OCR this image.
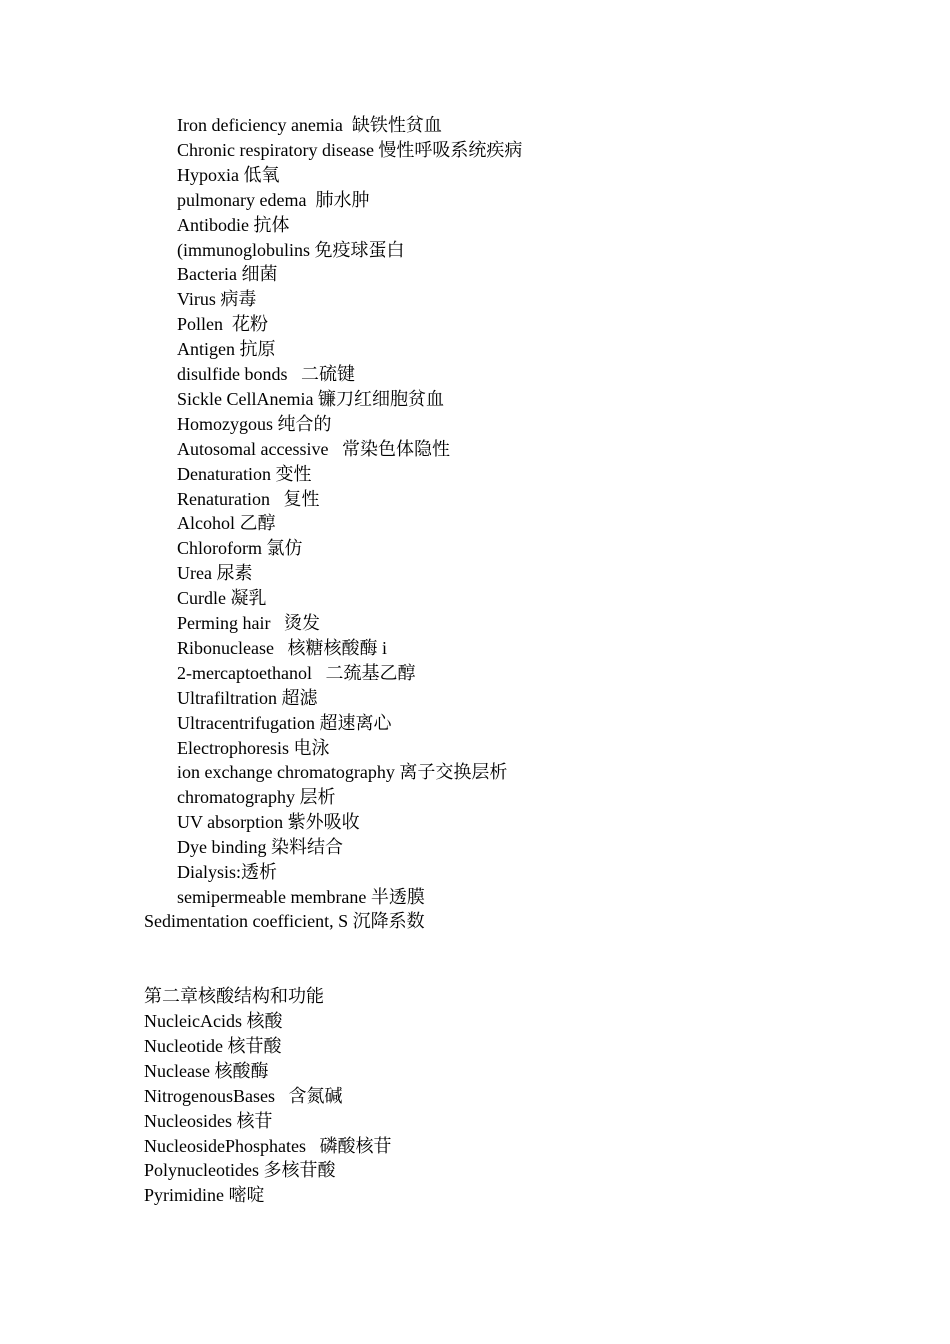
Iron deficiency anemia  缺铁性贫血
Chronic respiratory disease 慢性呼吸系统疾病
Hypoxia 低氧
pulmonary edema  肺水肿
Antibodie 抗体
(immunoglobulins 免疫球蛋白
Bacteria 细菌
Virus 病毒
Pollen  花粉
Antigen 抗原
disulfide bonds   二硫键
Sickle CellAnemia 镰刀红细胞贫血
Homozygous 纯合的
Autosomal accessive   常染色体隐性
Denaturation 变性
Renaturation   复性
Alcohol 乙醇
Chloroform 氯仿
Urea 尿素
Curdle 凝乳
Perming hair   烫发
Ribonuclease   核糖核酸酶 i
2-mercaptoethanol   二巯基乙醇
Ultrafiltration 超滤
Ultracentrifugation 超速离心
Electrophoresis 电泳
ion exchange chromatography 离子交换层析
chromatography 层析
UV absorption 紫外吸收
Dye binding 染料结合
Dialysis:透析
semipermeable membrane 半透膜
Sedimentation coefficient, S 沉降系数
第二章核酸结构和功能
NucleicAcids 核酸
Nucleotide 核苷酸
Nuclease 核酸酶
NitrogenousBases   含氮碱
Nucleosides 核苷
NucleosidePhosphates   磷酸核苷
Polynucleotides 多核苷酸
Pyrimidine 嘧啶
